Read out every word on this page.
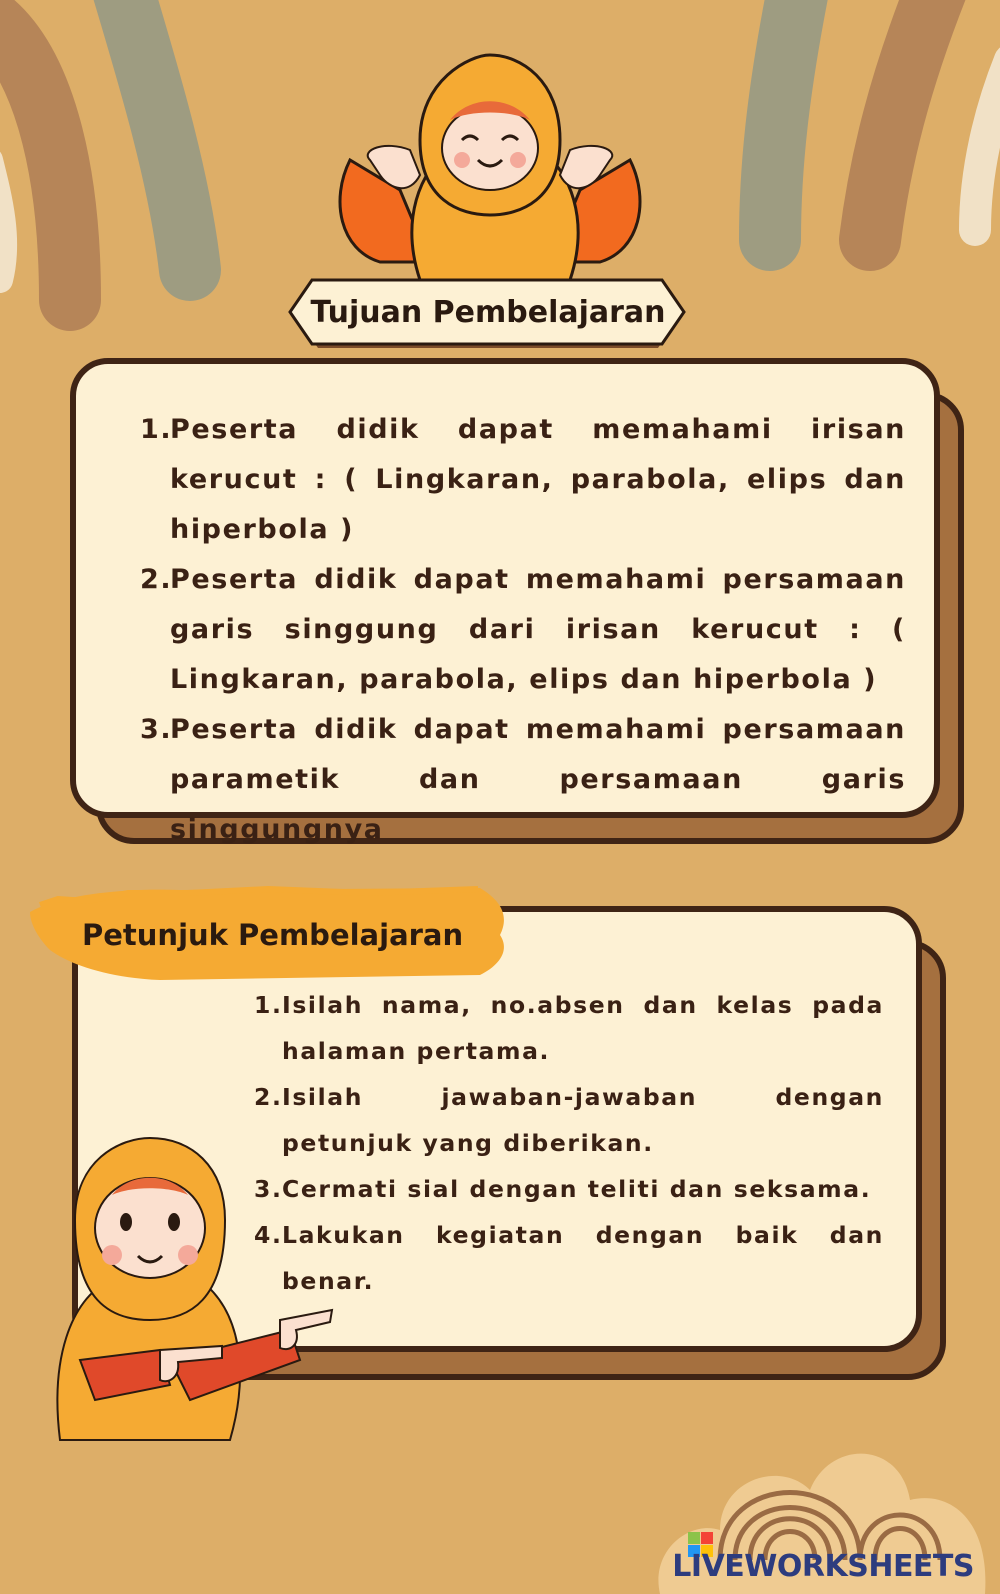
Tujuan Pembelajaran
1.
Peserta didik dapat memahami irisan kerucut : ( Lingkaran, parabola, elips dan hiperbola )
2.
Peserta didik dapat memahami persamaan garis singgung dari irisan kerucut : ( Lingkaran, parabola, elips dan hiperbola )
3.
Peserta didik dapat memahami persamaan parametik dan persamaan garis singgungnya
Petunjuk Pembelajaran
1. Isilah nama, no.absen dan kelas pada halaman pertama.
2. Isilah jawaban-jawaban dengan petunjuk yang diberikan.
3. Cermati sial dengan teliti dan seksama.
4. Lakukan kegiatan dengan baik dan benar.
LIVEWORKSHEETS
